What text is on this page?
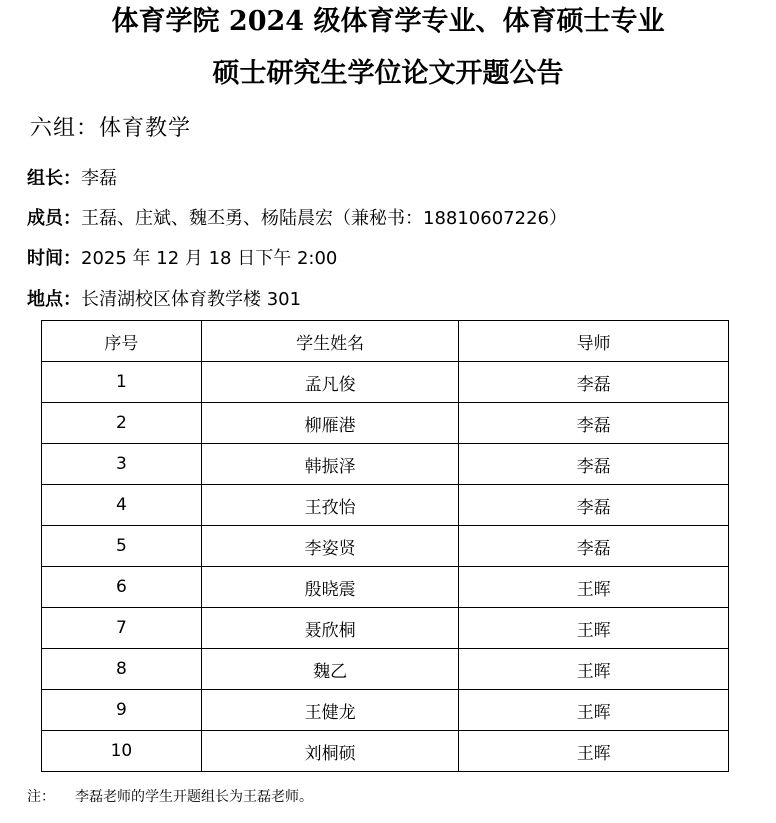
体育学院 2024 级体育学专业、体育硕士专业
硕士研究生学位论文开题公告
六组：体育教学
组长：李磊
成员：王磊、庄斌、魏丕勇、杨陆晨宏（兼秘书：18810607226）
时间：2025 年 12 月 18 日下午 2:00
地点：长清湖校区体育教学楼 301
序号	学生姓名	导师
1	孟凡俊	李磊
2	柳雁港	李磊
3	韩振泽	李磊
4	王孜怡	李磊
5	李姿贤	李磊
6	殷晓震	王晖
7	聂欣桐	王晖
8	魏乙	王晖
9	王健龙	王晖
10	刘桐硕	王晖
注： 李磊老师的学生开题组长为王磊老师。
